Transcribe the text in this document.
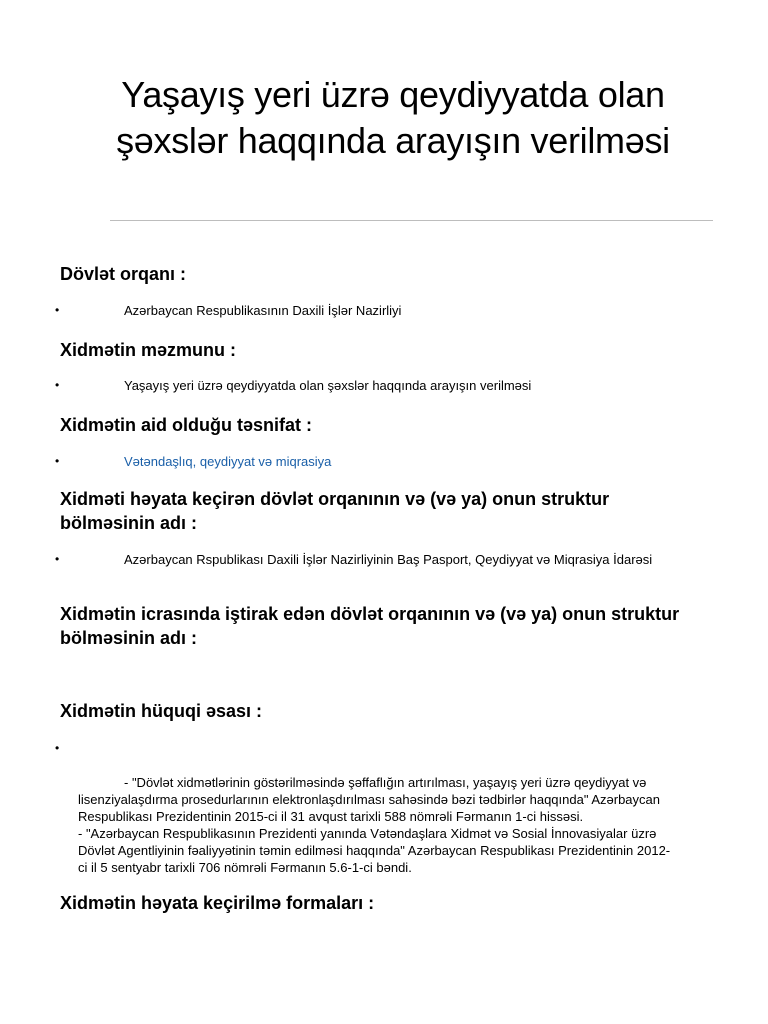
Yaşayış yeri üzrə qeydiyyatda olan şəxslər haqqında arayışın verilməsi
Dövlət orqanı :
•	Azərbaycan Respublikasının Daxili İşlər Nazirliyi
Xidmətin məzmunu :
•	Yaşayış yeri üzrə qeydiyyatda olan şəxslər haqqında arayışın verilməsi
Xidmətin aid olduğu təsnifat :
•	Vətəndaşlıq, qeydiyyat və miqrasiya
Xidməti həyata keçirən dövlət orqanının və (və ya) onun struktur bölməsinin adı :
•	Azərbaycan Rspublikası Daxili İşlər Nazirliyinin Baş Pasport, Qeydiyyat və Miqrasiya İdarəsi
Xidmətin icrasında iştirak edən dövlət orqanının və (və ya) onun struktur bölməsinin adı :
Xidmətin hüquqi əsası :

•

- "Dövlət xidmətlərinin göstərilməsində şəffaflığın artırılması, yaşayış yeri üzrə qeydiyyat və lisenziyalaşdırma prosedurlarının elektronlaşdırılması sahəsində bəzi tədbirlər haqqında" Azərbaycan Respublikası Prezidentinin 2015-ci il 31 avqust tarixli 588 nömrəli Fərmanın 1-ci hissəsi.
- "Azərbaycan Respublikasının Prezidenti yanında Vətəndaşlara Xidmət və Sosial İnnovasiyalar üzrə Dövlət Agentliyinin fəaliyyətinin təmin edilməsi haqqında" Azərbaycan Respublikası Prezidentinin 2012-ci il 5 sentyabr tarixli 706 nömrəli Fərmanın 5.6-1-ci bəndi.

Xidmətin həyata keçirilmə formaları :
